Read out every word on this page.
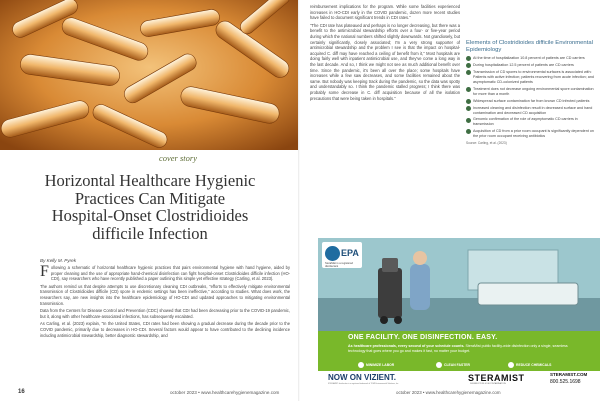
cover story
Horizontal Healthcare Hygienic
Practices Can Mitigate
Hospital-Onset Clostridioides
difficile Infection
By Kelly M. Pyrek

Following a schematic of horizontal healthcare hygienic practices that pairs environmental hygiene with hand hygiene, aided by proper cleaning and the use of appropriate hand-chemical disinfection can fight hospital-onset Clostridioides difficile infection (HO-CDI), say researchers who have recently published a paper outlining this simple yet effective strategy (Carling, et al. 2023).

The authors remind us that despite attempts to use discretionary cleaning CDI outbreaks, "efforts to effectively mitigate environmental transmission of Clostridioides difficile (CD) spore in endemic settings has been ineffective," according to studies. What does work, the researchers say, are new insights into the healthcare epidemiology of HO-CDI and updated approaches to mitigating environmental transmission.

Data from the Centers for Disease Control and Prevention (CDC) showed that CDI had been decreasing prior to the COVID-19 pandemic, but it, along with other healthcare-associated infections, has subsequently escalated.

As Carling, et al. (2023) explain, "In the United States, CDI rates had been showing a gradual decrease during the decade prior to the COVID pandemic, primarily due to decreases in HO-CDI. Several factors would appear to have contributed to the declining incidence including antimicrobial stewardship, better diagnostic stewardship, and

16	october 2023 • www.healthcarehygienemagazine.com

reimbursement implications for the program. While some facilities experienced increases in HO-CDI early in the COVID pandemic, dozen more recent studies have failed to document significant trends in CDI rates."

"The CDI rate has plateaued and perhaps is no longer decreasing, but there was a benefit to the antimicrobial stewardship efforts over a four- or five-year period during which the national numbers shifted slightly downwards. Not grandiosely, but certainly significantly, closely associated; I'm a very strong supporter of antimicrobial stewardship and the problem I see is that the impact on hospital-acquired C. diff may have reached a ceiling of benefit from it," Most hospitals are doing fairly well with inpatient antimicrobial use, and they've come a long way in the last decade. And so, I think we might not see as much additional benefit over time. Since the pandemic, it's been all over the place; some hospitals have increases while a few saw decreases, and some facilities remained about the same. But nobody was keeping track during the pandemic, so the data was spotty and understandably so. I think the pandemic stalled progress; I think there was probably some decrease in C. diff acquisition because of all the isolation precautions that were being taken in hospitals."

Elements of Clostridioides difficile Environmental Epidemiology
At the time of hospitalization 10.8 percent of patients are CD carriers
During hospitalization 12.5 percent of patients are CD carriers
Transmission of CD spores to environmental surfaces is associated with: Patients with active infection; patients recovering from acute infection; and asymptomatic CD-colonized patients
Treatment does not decrease ongoing environmental spore contamination for more than a month
Widespread surface contamination far from known CD infected patients
Increased cleaning and disinfection result in decreased surface and hand contamination and decreased CD acquisition
Genomic confirmation of the role of asymptomatic CD carriers in transmission
Acquisition of CD from a prior room occupant is significantly dependent on the prior room occupant receiving antibiotics
Source: Carling, et al. (2023)
EPA
SteraMist is a registered disinfectant
ONE FACILITY. ONE DISINFECTION. EASY.
As healthcare professionals, every second of your schedule counts. SteraMist public facility-wide disinfection only a single, seamless technology that goes where you go and makes it fast, no matter your budget.
MINIMIZE LABOR	CLEAN FASTER	REDUCE CHEMICALS
NOW ON VIZIENT.
STERAMIST disinfection is a registered trademark of TOMI Environmental Solutions, Inc.
STERAMIST
DISINFECTION & DECONTAMINATION
STERAMIST.COM
800.525.1698
october 2023 • www.healthcarehygienemagazine.com
